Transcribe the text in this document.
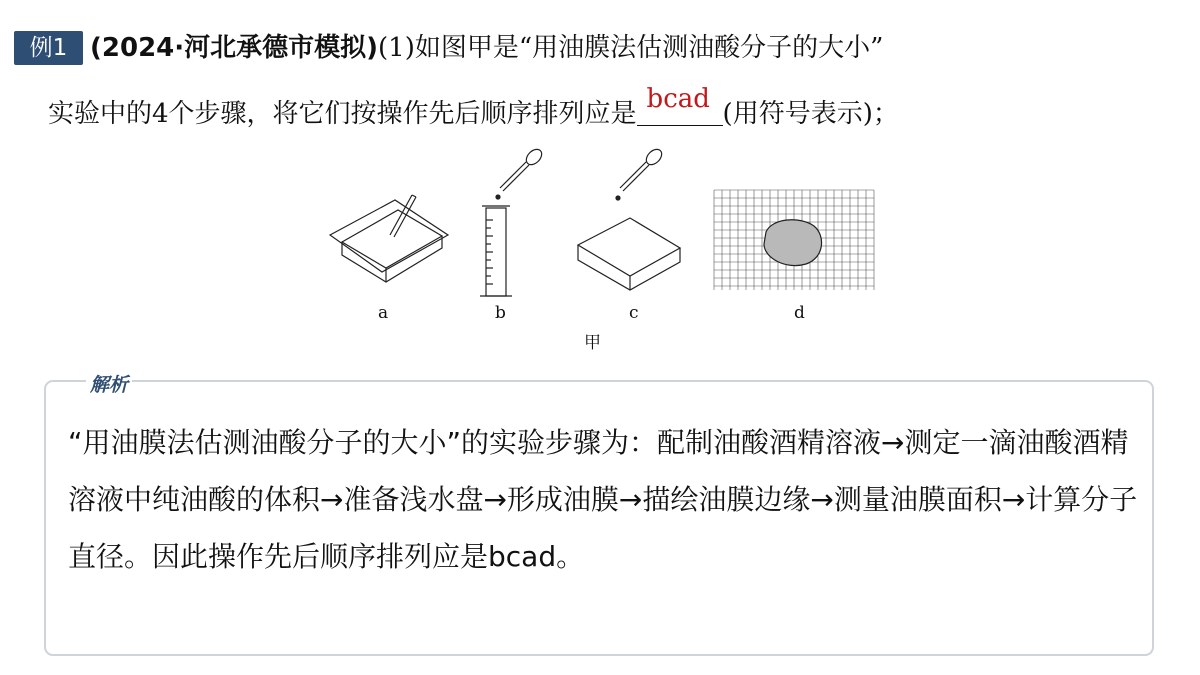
例1 (2024·河北承德市模拟)(1)如图甲是“用油膜法估测油酸分子的大小”
实验中的4个步骤，将它们按操作先后顺序排列应是 bcad (用符号表示)；
a	b	c	d
甲
解析
“用油膜法估测油酸分子的大小”的实验步骤为：配制油酸酒精溶液→测定一滴油酸酒精溶液中纯油酸的体积→准备浅水盘→形成油膜→描绘油膜边缘→测量油膜面积→计算分子直径。因此操作先后顺序排列应是bcad。
